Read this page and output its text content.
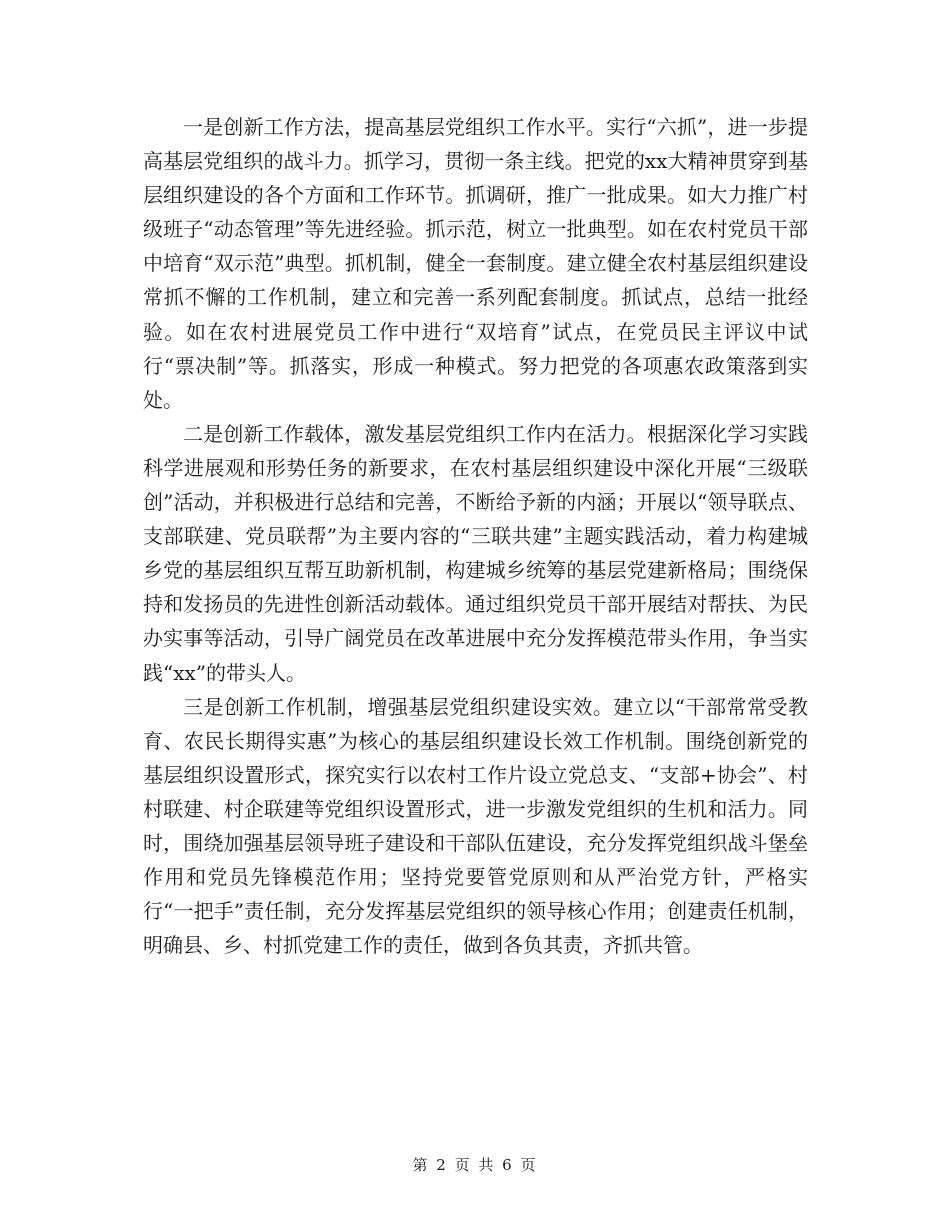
一是创新工作方法，提高基层党组织工作水平。实行“六抓”，进一步提高基层党组织的战斗力。抓学习，贯彻一条主线。把党的xx大精神贯穿到基层组织建设的各个方面和工作环节。抓调研，推广一批成果。如大力推广村级班子“动态管理”等先进经验。抓示范，树立一批典型。如在农村党员干部中培育“双示范”典型。抓机制，健全一套制度。建立健全农村基层组织建设常抓不懈的工作机制，建立和完善一系列配套制度。抓试点，总结一批经验。如在农村进展党员工作中进行“双培育”试点，在党员民主评议中试行“票决制”等。抓落实，形成一种模式。努力把党的各项惠农政策落到实处。

二是创新工作载体，激发基层党组织工作内在活力。根据深化学习实践科学进展观和形势任务的新要求，在农村基层组织建设中深化开展“三级联创”活动，并积极进行总结和完善，不断给予新的内涵；开展以“领导联点、支部联建、党员联帮”为主要内容的“三联共建”主题实践活动，着力构建城乡党的基层组织互帮互助新机制，构建城乡统筹的基层党建新格局；围绕保持和发扬员的先进性创新活动载体。通过组织党员干部开展结对帮扶、为民办实事等活动，引导广阔党员在改革进展中充分发挥模范带头作用，争当实践“xx”的带头人。

三是创新工作机制，增强基层党组织建设实效。建立以“干部常常受教育、农民长期得实惠”为核心的基层组织建设长效工作机制。围绕创新党的基层组织设置形式，探究实行以农村工作片设立党总支、“支部+协会”、村村联建、村企联建等党组织设置形式，进一步激发党组织的生机和活力。同时，围绕加强基层领导班子建设和干部队伍建设，充分发挥党组织战斗堡垒作用和党员先锋模范作用；坚持党要管党原则和从严治党方针，严格实行“一把手”责任制，充分发挥基层党组织的领导核心作用；创建责任机制，明确县、乡、村抓党建工作的责任，做到各负其责，齐抓共管。

第 2 页 共 6 页
